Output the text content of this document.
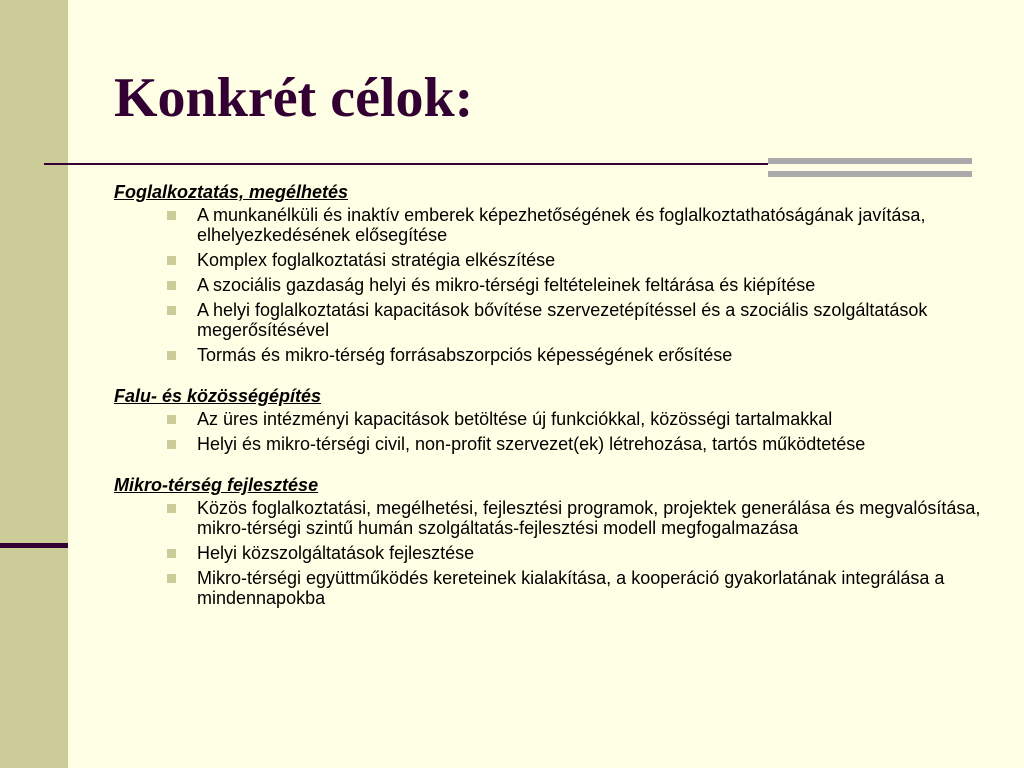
Konkrét célok:

Foglalkoztatás, megélhetés

A munkanélküli és inaktív emberek képezhetőségének és foglalkoztathatóságának javítása, elhelyezkedésének elősegítése
Komplex foglalkoztatási stratégia elkészítése
A szociális gazdaság helyi és mikro-térségi feltételeinek feltárása és kiépítése
A helyi foglalkoztatási kapacitások bővítése szervezetépítéssel és a szociális szolgáltatások megerősítésével
Tormás és mikro-térség forrásabszorpciós képességének erősítése

Falu- és közösségépítés

Az üres intézményi kapacitások betöltése új funkciókkal, közösségi tartalmakkal
Helyi és mikro-térségi civil, non-profit szervezet(ek) létrehozása, tartós működtetése

Mikro-térség fejlesztése

Közös foglalkoztatási, megélhetési, fejlesztési programok, projektek generálása és megvalósítása, mikro-térségi szintű humán szolgáltatás-fejlesztési modell megfogalmazása
Helyi közszolgáltatások fejlesztése
Mikro-térségi együttműködés kereteinek kialakítása, a kooperáció gyakorlatának integrálása a mindennapokba
